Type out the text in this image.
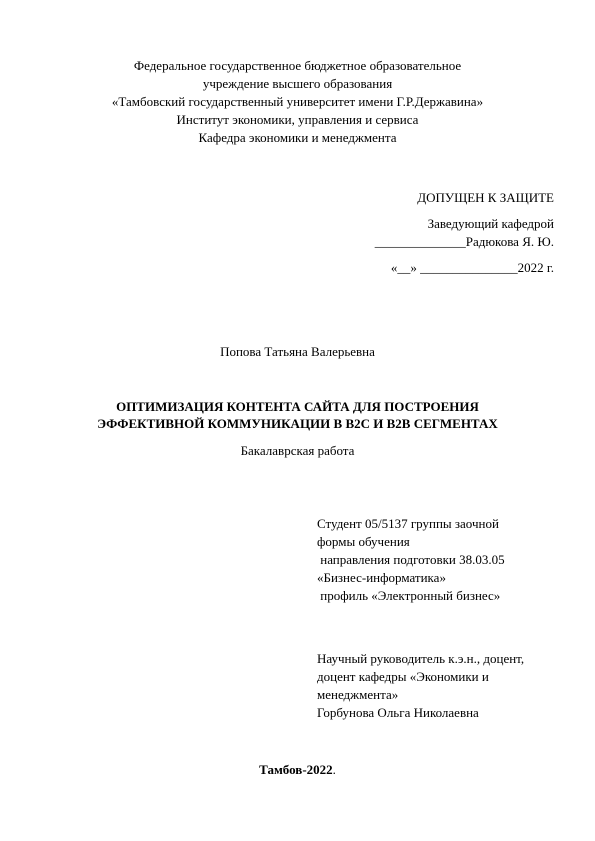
Федеральное государственное бюджетное образовательное
учреждение высшего образования
«Тамбовский государственный университет имени Г.Р.Державина»
Институт экономики, управления и сервиса
Кафедра экономики и менеджмента
ДОПУЩЕН К ЗАЩИТЕ
Заведующий кафедрой
______________Радюкова Я. Ю.
«__» _______________2022 г.
Попова Татьяна Валерьевна
ОПТИМИЗАЦИЯ КОНТЕНТА САЙТА ДЛЯ ПОСТРОЕНИЯ
ЭФФЕКТИВНОЙ КОММУНИКАЦИИ В B2C И B2B СЕГМЕНТАХ
Бакалаврская работа
Студент 05/5137 группы заочной
формы обучения
направления подготовки 38.03.05
«Бизнес-информатика»
профиль «Электронный бизнес»
Научный руководитель к.э.н., доцент,
доцент кафедры «Экономики и
менеджмента»
Горбунова Ольга Николаевна
Тамбов-2022.
